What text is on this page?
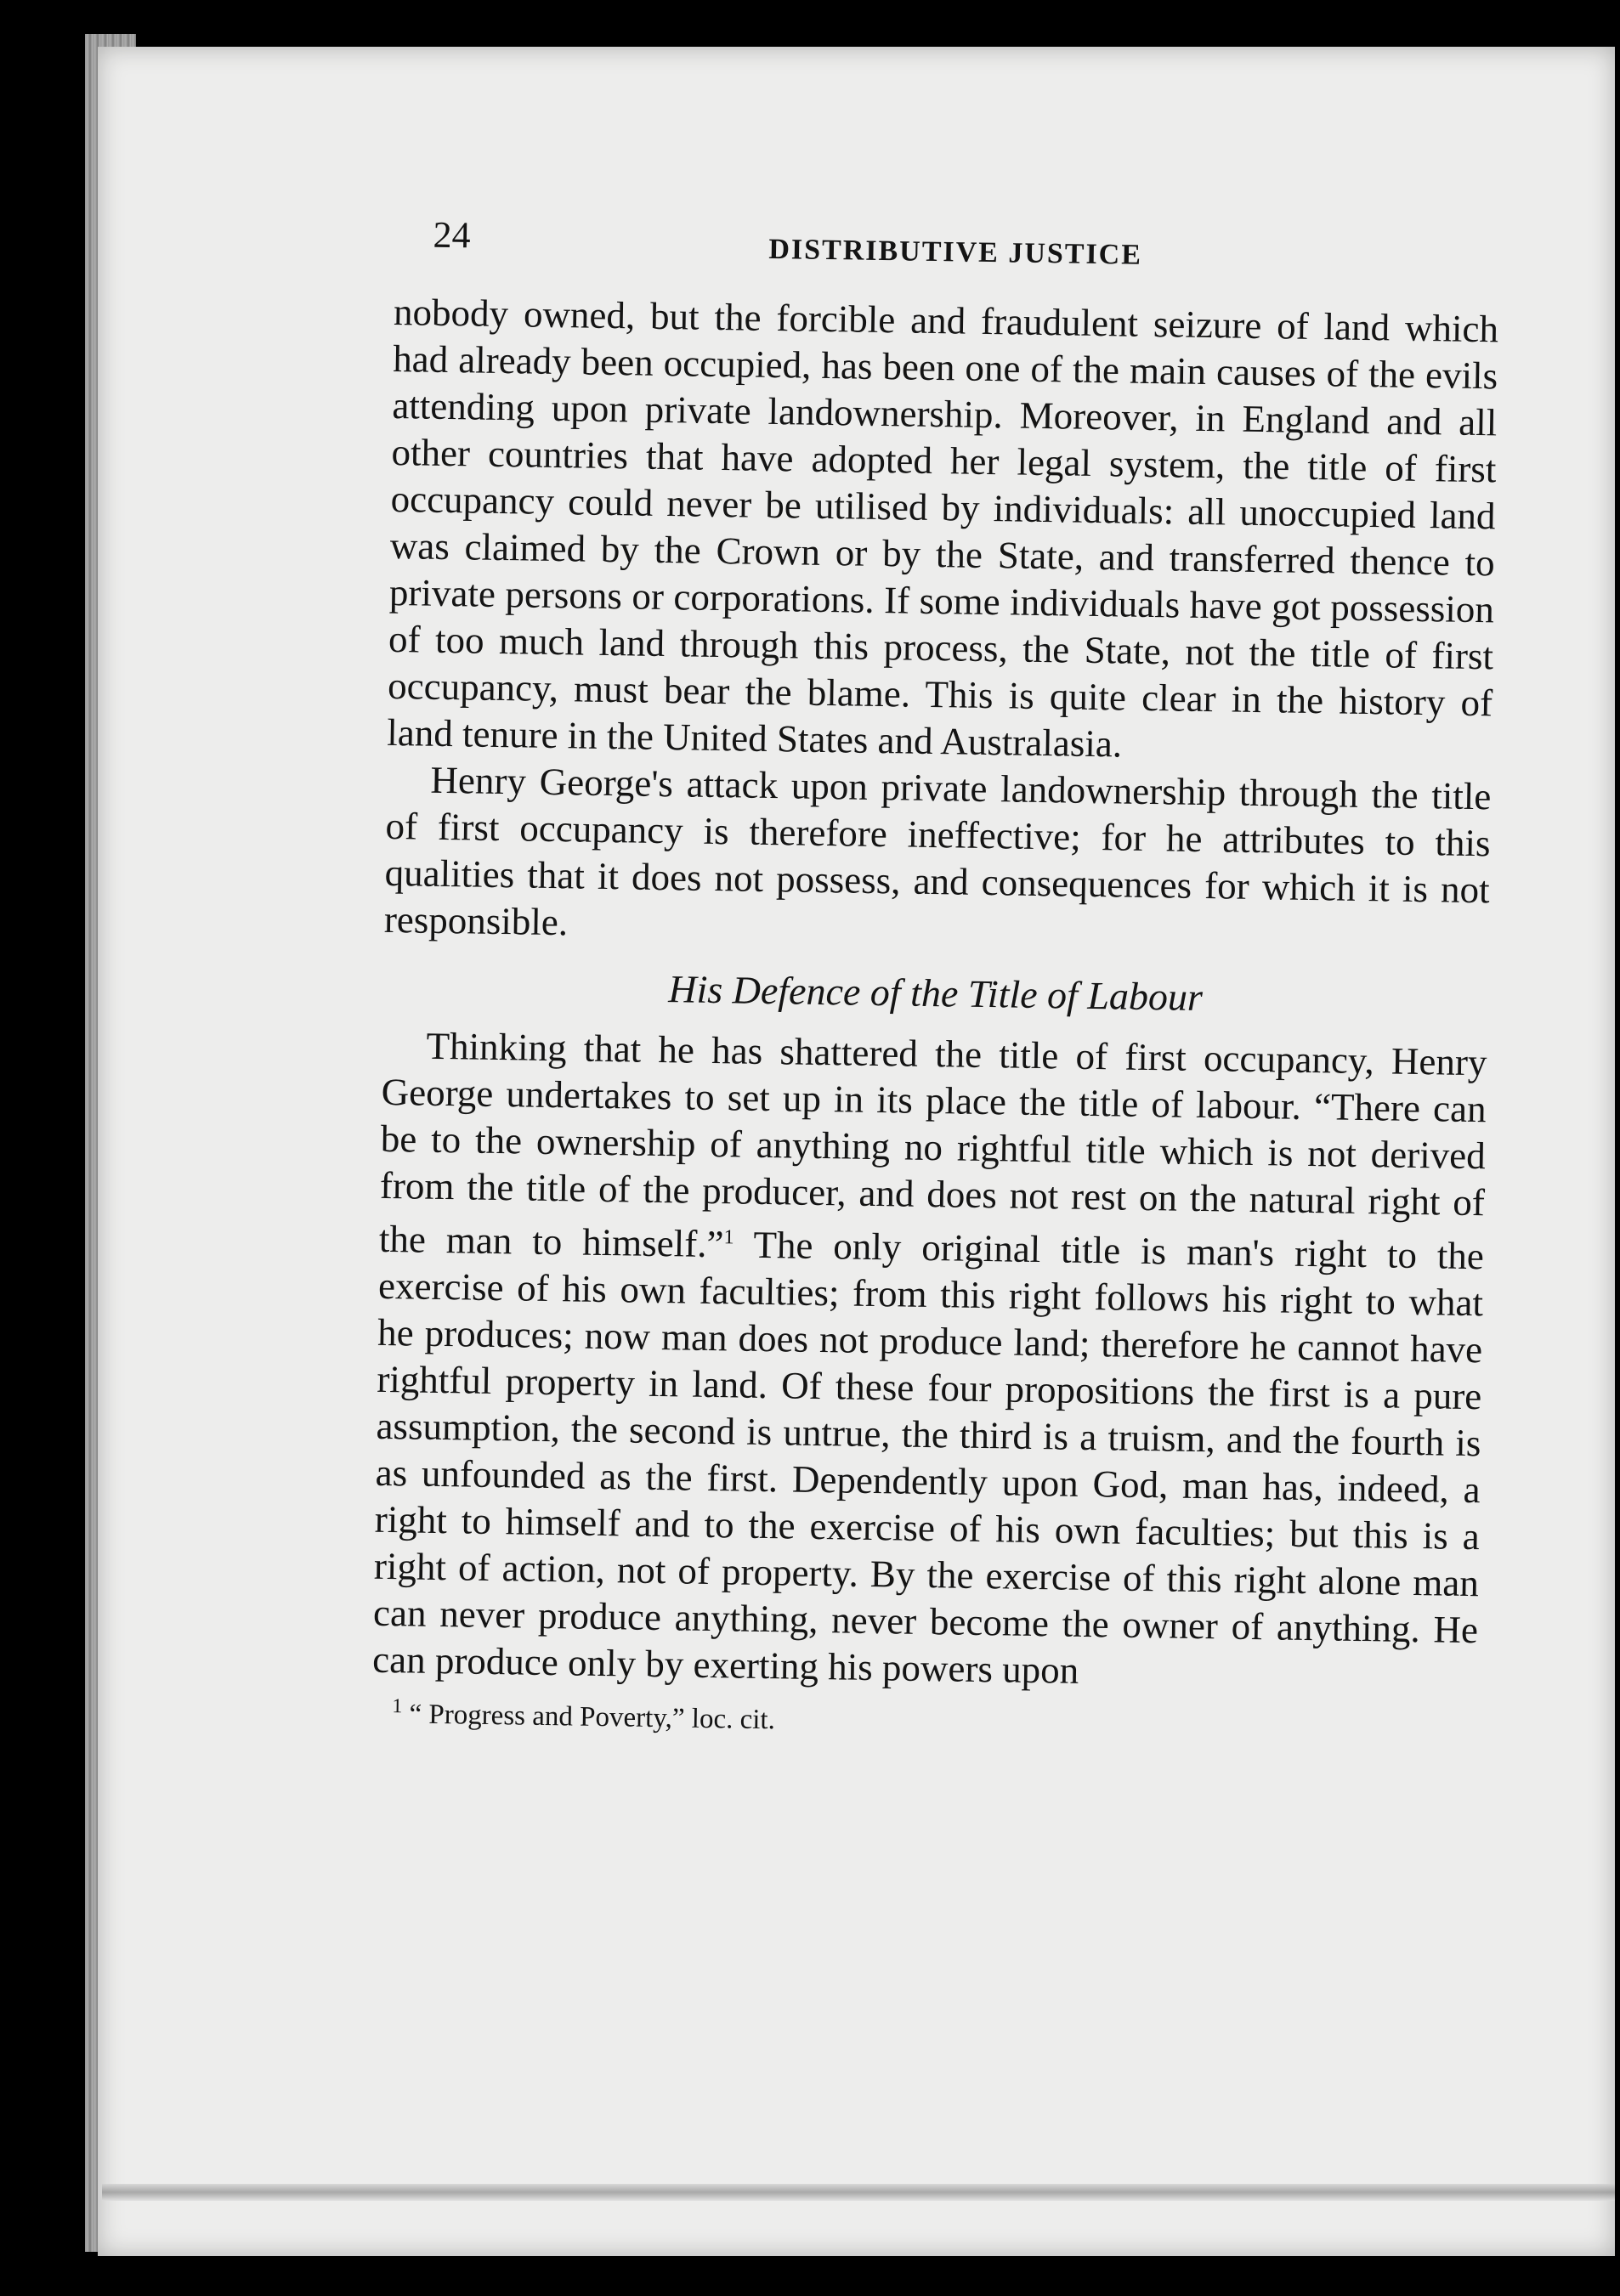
24	DISTRIBUTIVE JUSTICE

nobody owned, but the forcible and fraudulent seizure of land which had already been occupied, has been one of the main causes of the evils attending upon private landownership. Moreover, in England and all other countries that have adopted her legal system, the title of first occupancy could never be utilised by individuals: all unoccupied land was claimed by the Crown or by the State, and transferred thence to private persons or corporations. If some individuals have got possession of too much land through this process, the State, not the title of first occupancy, must bear the blame. This is quite clear in the history of land tenure in the United States and Australasia.

Henry George's attack upon private landownership through the title of first occupancy is therefore ineffective; for he attributes to this qualities that it does not possess, and consequences for which it is not responsible.

His Defence of the Title of Labour

Thinking that he has shattered the title of first occupancy, Henry George undertakes to set up in its place the title of labour. “There can be to the ownership of anything no rightful title which is not derived from the title of the producer, and does not rest on the natural right of the man to himself.”$^1$ The only original title is man's right to the exercise of his own faculties; from this right follows his right to what he produces; now man does not produce land; therefore he cannot have rightful property in land. Of these four propositions the first is a pure assumption, the second is untrue, the third is a truism, and the fourth is as unfounded as the first. Dependently upon God, man has, indeed, a right to himself and to the exercise of his own faculties; but this is a right of action, not of property. By the exercise of this right alone man can never produce anything, never become the owner of anything. He can produce only by exerting his powers upon

$^1$ “ Progress and Poverty,” loc. cit.
